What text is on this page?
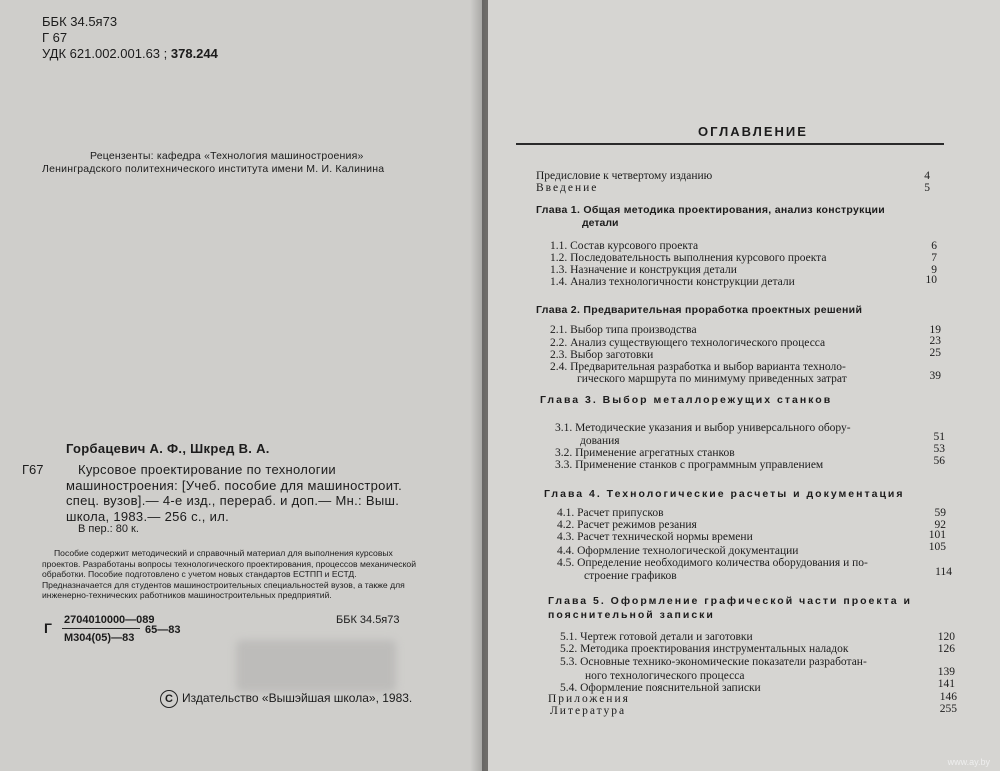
ББК 34.5я73
Г 67
УДК 621.002.001.63 ; 378.244
Рецензенты: кафедра «Технология машиностроения» Ленинградского политехнического института имени М. И. Калинина
Горбацевич А. Ф., Шкред В. А.
Г67	Курсовое проектирование по технологии машиностроения: [Учеб. пособие для машиностроит. спец. вузов].— 4-е изд., перераб. и доп.— Мн.: Выш. школа, 1983.— 256 с., ил.
В пер.: 80 к.
Пособие содержит методический и справочный материал для выполнения курсовых проектов. Разработаны вопросы технологического проектирования, процессов механической обработки. Пособие подготовлено с учетом новых стандартов ЕСТПП и ЕСТД. Предназначается для студентов машиностроительных специальностей вузов, а также для инженерно-технических работников машиностроительных предприятий.
Г 2704010000—089
М304(05)—83
65—83
ББК 34.5я73
С Издательство «Вышэйшая школа», 1983.
ОГЛАВЛЕНИЕ
Предисловие к четвертому изданию	4
Введение	5
Глава 1. Общая методика проектирования, анализ конструкции
детали
1.1. Состав курсового проекта	6
1.2. Последовательность выполнения курсового проекта	7
1.3. Назначение и конструкция детали	9
1.4. Анализ технологичности конструкции детали	10
Глава 2. Предварительная проработка проектных решений
2.1. Выбор типа производства	19
2.2. Анализ существующего технологического процесса	23
2.3. Выбор заготовки	25
2.4. Предварительная разработка и выбор варианта техноло-
гического маршрута по минимуму приведенных затрат	39
Глава 3. Выбор металлорежущих станков
3.1. Методические указания и выбор универсального обору-
дования	51
3.2. Применение агрегатных станков	53
3.3. Применение станков с программным управлением	56
Глава 4. Технологические расчеты и документация
4.1. Расчет припусков	59
4.2. Расчет режимов резания	92
4.3. Расчет технической нормы времени	101
4.4. Оформление технологической документации	105
4.5. Определение необходимого количества оборудования и по-
строение графиков	114
Глава 5. Оформление графической части проекта и пояснительной записки
5.1. Чертеж готовой детали и заготовки	120
5.2. Методика проектирования инструментальных наладок	126
5.3. Основные технико-экономические показатели разработан-
ного технологического процесса	139
5.4. Оформление пояснительной записки	141
Приложения	146
Литература	255
www.ay.by
